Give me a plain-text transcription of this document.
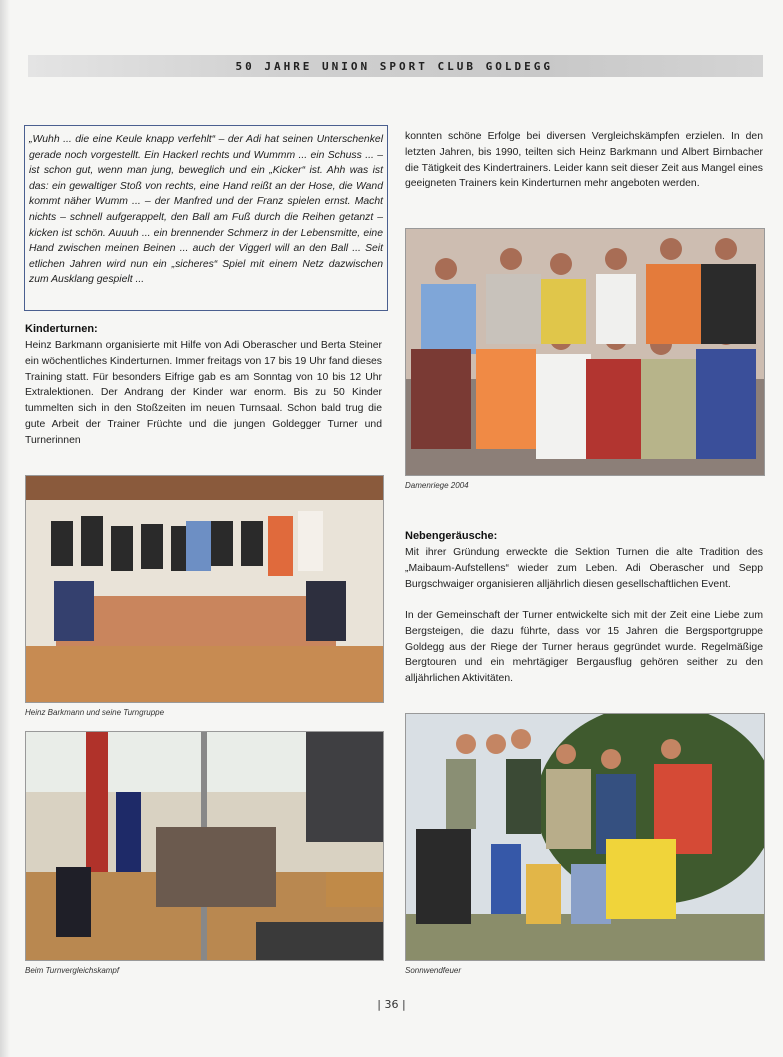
50 JAHRE UNION SPORT CLUB GOLDEGG
„Wuhh ... die eine Keule knapp verfehlt“ – der Adi hat seinen Unterschenkel gerade noch vorgestellt. Ein Hackerl rechts und Wummm ... ein Schuss ... – ist schon gut, wenn man jung, beweglich und ein „Kicker“ ist. Ahh was ist das: ein gewaltiger Stoß von rechts, eine Hand reißt an der Hose, die Wand kommt näher Wumm ... – der Manfred und der Franz spielen ernst. Macht nichts – schnell aufgerappelt, den Ball am Fuß durch die Reihen getanzt – kicken ist schön. Auuuh ... ein brennender Schmerz in der Lebensmitte, eine Hand zwischen meinen Beinen ... auch der Viggerl will an den Ball ... Seit etlichen Jahren wird nun ein „sicheres“ Spiel mit einem Netz dazwischen zum Ausklang gespielt ...
Kinderturnen:
Heinz Barkmann organisierte mit Hilfe von Adi Oberascher und Berta Steiner ein wöchentliches Kinderturnen. Immer freitags von 17 bis 19 Uhr fand dieses Training statt. Für besonders Eifrige gab es am Sonntag von 10 bis 12 Uhr Extralektionen. Der Andrang der Kinder war enorm. Bis zu 50 Kinder tummelten sich in den Stoßzeiten im neuen Turnsaal. Schon bald trug die gute Arbeit der Trainer Früchte und die jungen Goldegger Turner und Turnerinnen
konnten schöne Erfolge bei diversen Vergleichskämpfen erzielen. In den letzten Jahren, bis 1990, teilten sich Heinz Barkmann und Albert Birnbacher die Tätigkeit des Kindertrainers. Leider kann seit dieser Zeit aus Mangel eines geeigneten Trainers kein Kinderturnen mehr angeboten werden.
Damenriege 2004
Nebengeräusche:
Mit ihrer Gründung erweckte die Sektion Turnen die alte Tradition des „Maibaum-Aufstellens“ wieder zum Leben. Adi Oberascher und Sepp Burgschwaiger organisieren alljährlich diesen gesellschaftlichen Event.
In der Gemeinschaft der Turner entwickelte sich mit der Zeit eine Liebe zum Bergsteigen, die dazu führte, dass vor 15 Jahren die Bergsportgruppe Goldegg aus der Riege der Turner heraus gegründet wurde. Regelmäßige Bergtouren und ein mehrtägiger Bergausflug gehören seither zu den alljährlichen Aktivitäten.
Heinz Barkmann und seine Turngruppe
Beim Turnvergleichskampf	Sonnwendfeuer
| 36 |
